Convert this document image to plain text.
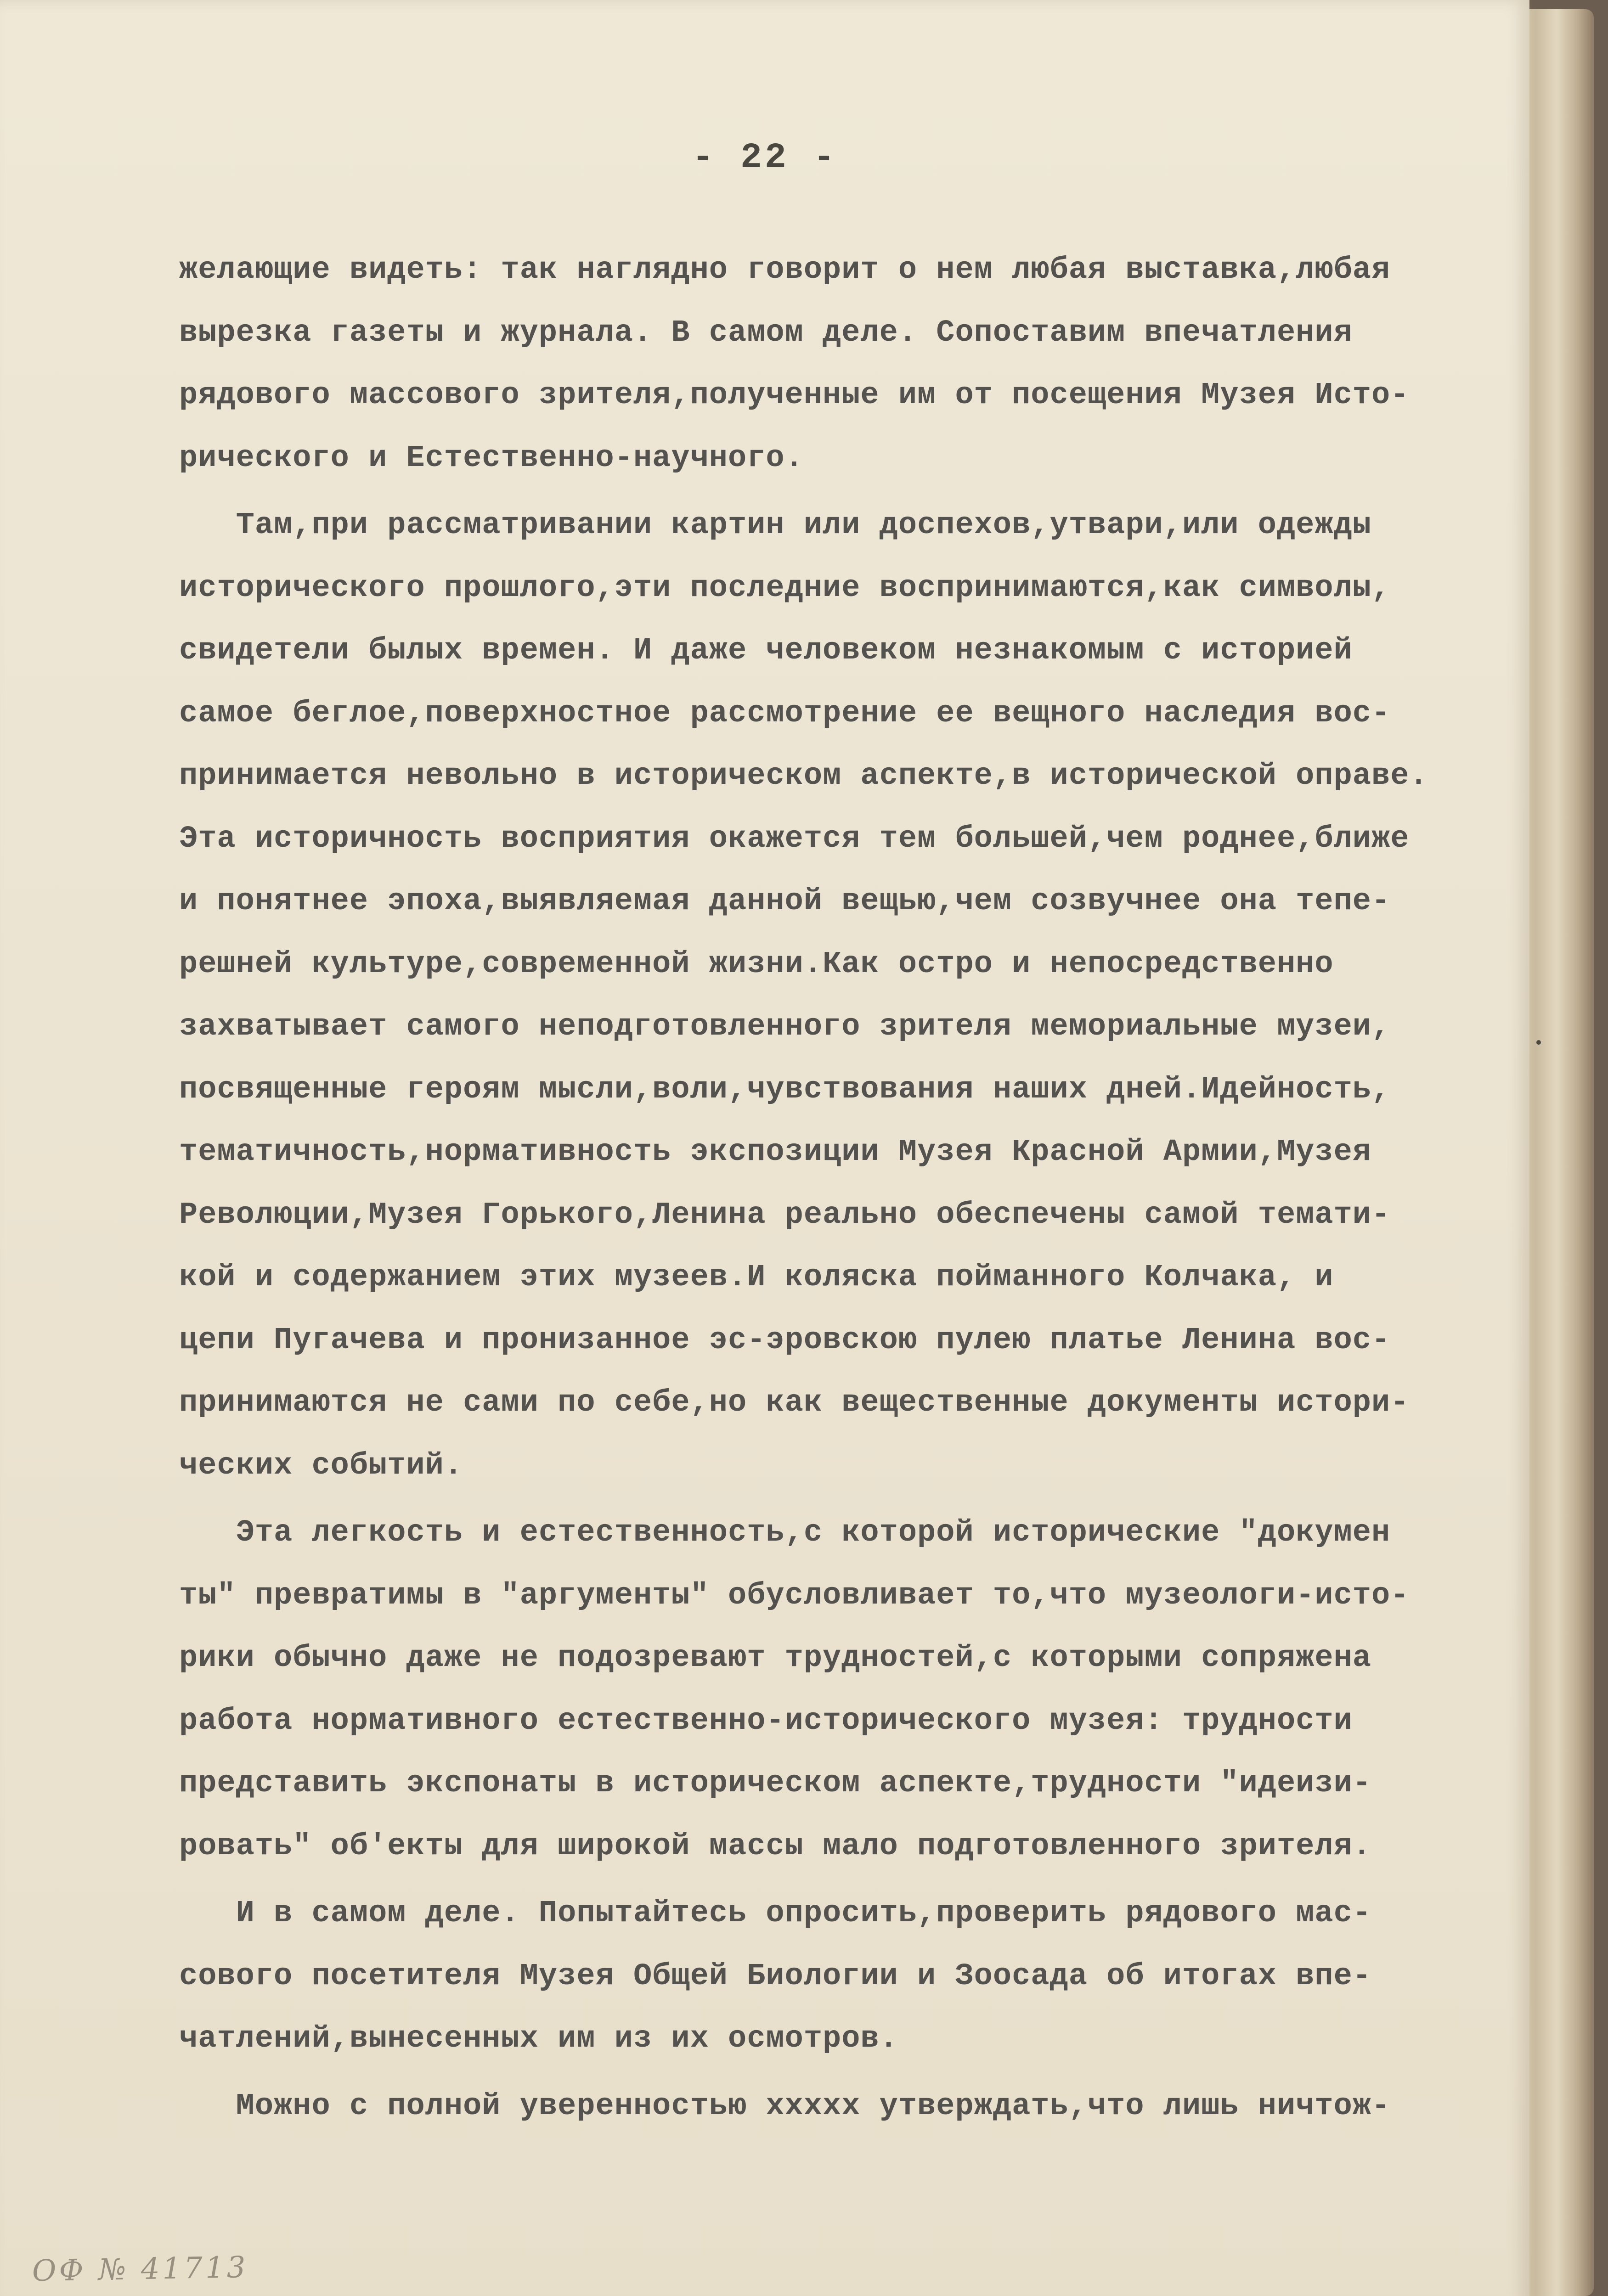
- 22 -
желающие видеть: так наглядно говорит о нем любая выставка,любая
вырезка газеты и журнала. В самом деле. Сопоставим впечатления
рядового массового зрителя,полученные им от посещения Музея Исто-
рического и Естественно-научного.
Там,при рассматривании картин или доспехов,утвари,или одежды
исторического прошлого,эти последние воспринимаются,как символы,
свидетели былых времен. И даже человеком незнакомым с историей
самое беглое,поверхностное рассмотрение ее вещного наследия вос-
принимается невольно в историческом аспекте,в исторической оправе.
Эта историчность восприятия окажется тем большей,чем роднее,ближе
и понятнее эпоха,выявляемая данной вещью,чем созвучнее она тепе-
решней культуре,современной жизни.Как остро и непосредственно
захватывает самого неподготовленного зрителя мемориальные музеи,
посвященные героям мысли,воли,чувствования наших дней.Идейность,
тематичность,нормативность экспозиции Музея Красной Армии,Музея
Революции,Музея Горького,Ленина реально обеспечены самой темати-
кой и содержанием этих музеев.И коляска пойманного Колчака, и
цепи Пугачева и пронизанное эс-эровскою пулею платье Ленина вос-
принимаются не сами по себе,но как вещественные документы истори-
ческих событий.
Эта легкость и естественность,с которой исторические "докумен
ты" превратимы в "аргументы" обусловливает то,что музеологи-исто-
рики обычно даже не подозревают трудностей,с которыми сопряжена
работа нормативного естественно-исторического музея: трудности
представить экспонаты в историческом аспекте,трудности "идеизи-
ровать" об'екты для широкой массы мало подготовленного зрителя.
И в самом деле. Попытайтесь опросить,проверить рядового мас-
сового посетителя Музея Общей Биологии и Зоосада об итогах впе-
чатлений,вынесенных им из их осмотров.
Можно с полной уверенностью xxxxx утверждать,что лишь ничтож-
ОФ № 41713
